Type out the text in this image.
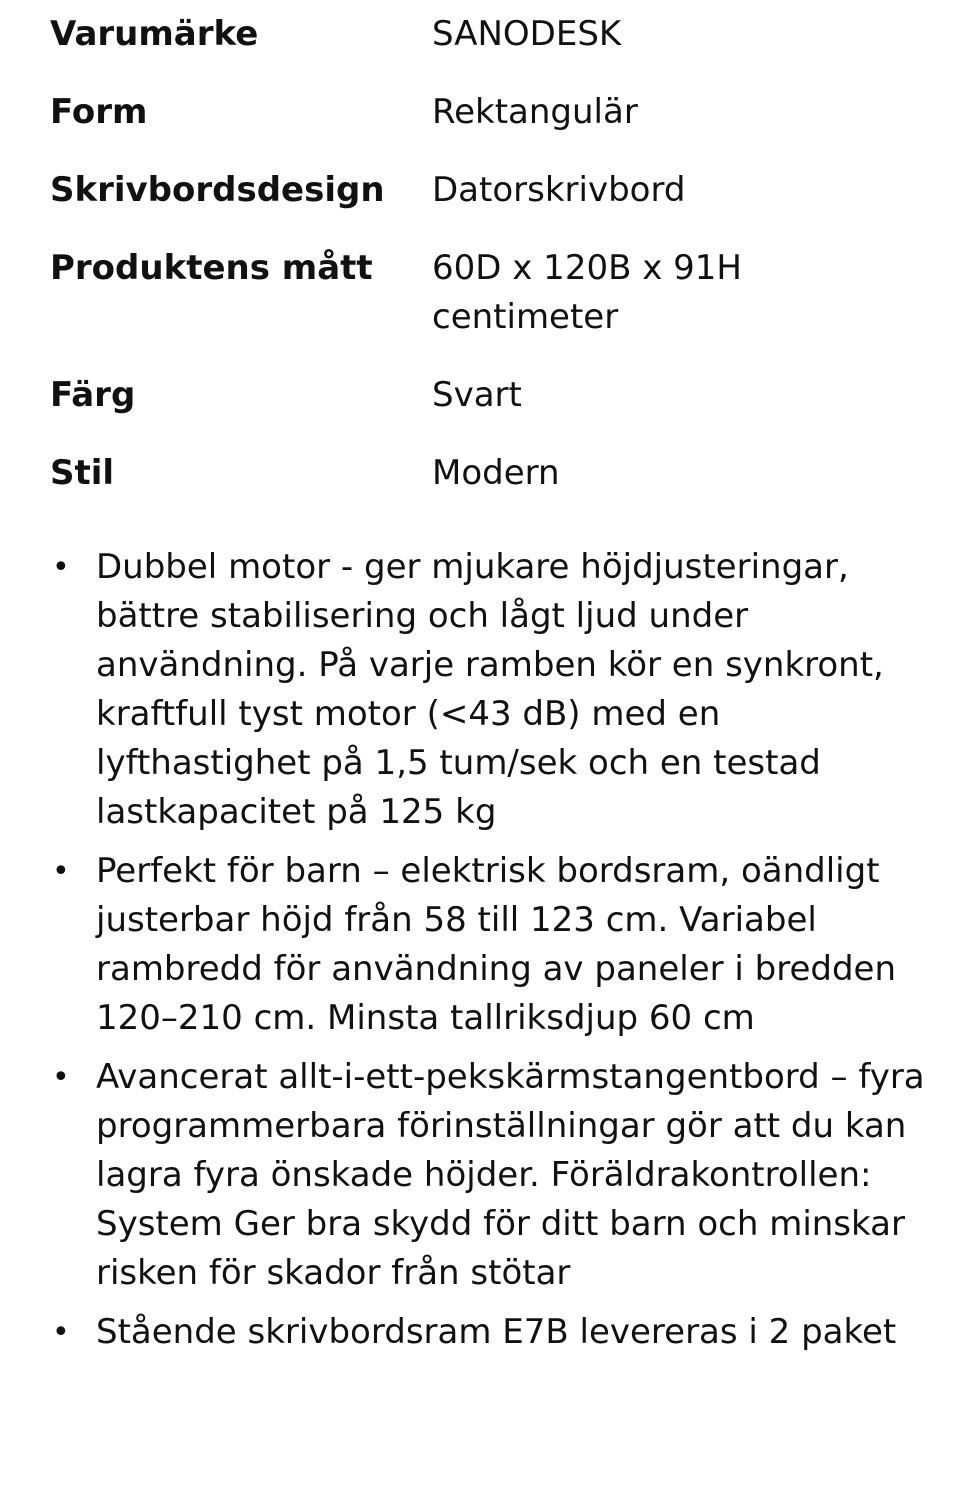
Varumärke	SANODESK
Form	Rektangulär
Skrivbordsdesign	Datorskrivbord
Produktens mått	60D x 120B x 91H centimeter
Färg	Svart
Stil	Modern
• Dubbel motor - ger mjukare höjdjusteringar, bättre stabilisering och lågt ljud under användning. På varje ramben kör en synkront, kraftfull tyst motor (<43 dB) med en lyfthastighet på 1,5 tum/sek och en testad lastkapacitet på 125 kg
• Perfekt för barn – elektrisk bordsram, oändligt justerbar höjd från 58 till 123 cm. Variabel rambredd för användning av paneler i bredden 120–210 cm. Minsta tallriksdjup 60 cm
• Avancerat allt-i-ett-pekskärmstangentbord – fyra programmerbara förinställningar gör att du kan lagra fyra önskade höjder. Föräldrakontrollen: System Ger bra skydd för ditt barn och minskar risken för skador från stötar
• Stående skrivbordsram E7B levereras i 2 paket
